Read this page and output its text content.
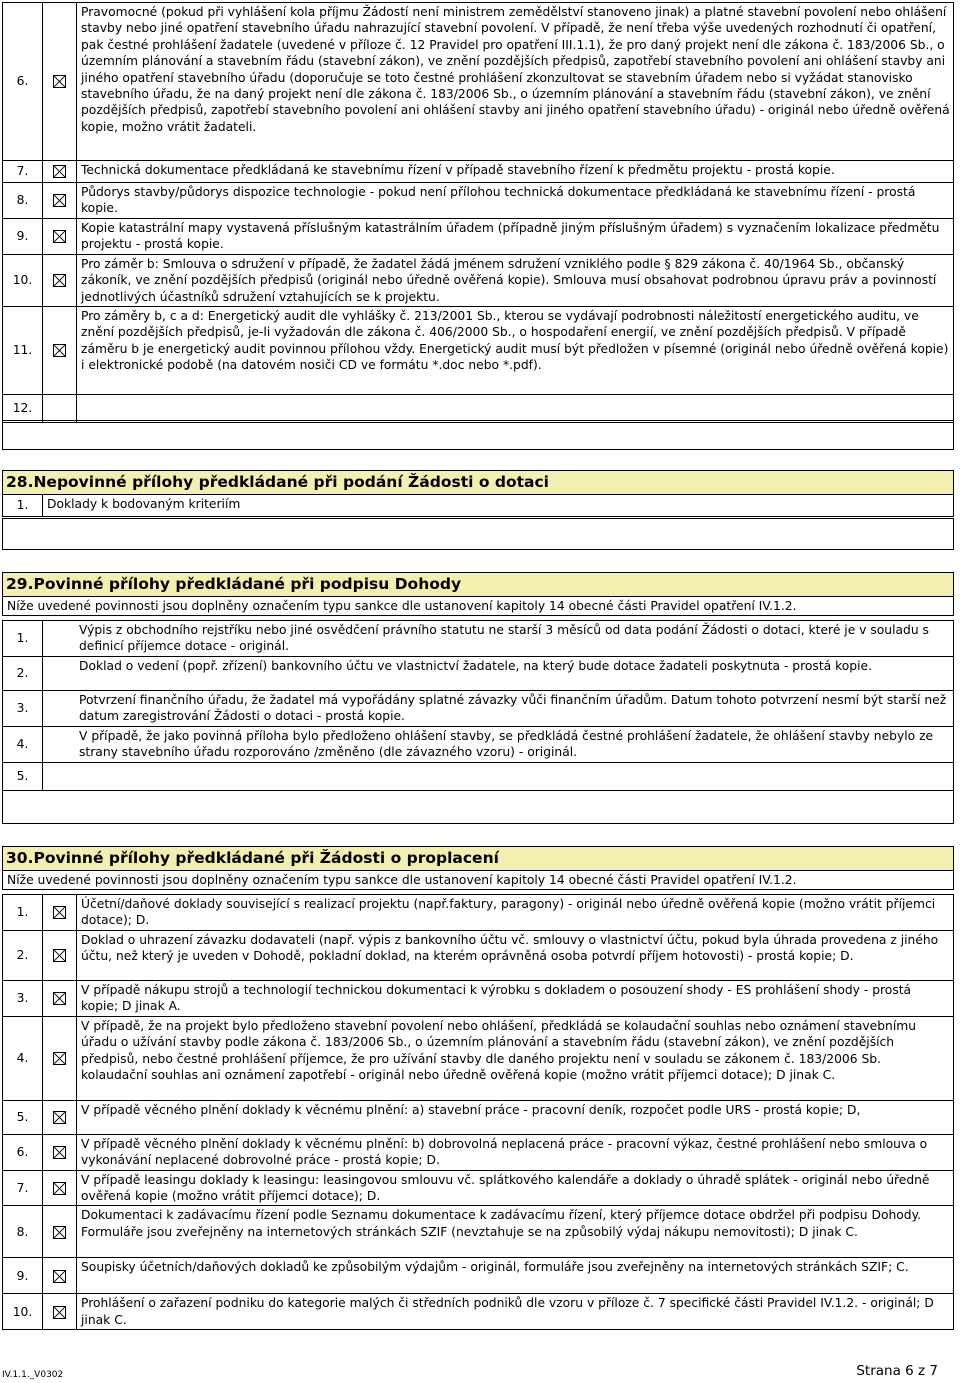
6.		Pravomocné (pokud při vyhlášení kola příjmu Žádostí není ministrem zemědělství stanoveno jinak) a platné stavební povolení nebo ohlášení stavby nebo jiné opatření stavebního úřadu nahrazující stavební povolení. V případě, že není třeba výše uvedených rozhodnutí či opatření, pak čestné prohlášení žadatele (uvedené v příloze č. 12 Pravidel pro opatření III.1.1), že pro daný projekt není dle zákona č. 183/2006 Sb., o územním plánování a stavebním řádu (stavební zákon), ve znění pozdějších předpisů, zapotřebí stavebního povolení ani ohlášení stavby ani jiného opatření stavebního úřadu (doporučuje se toto čestné prohlášení zkonzultovat se stavebním úřadem nebo si vyžádat stanovisko stavebního úřadu, že na daný projekt není dle zákona č. 183/2006 Sb., o územním plánování a stavebním řádu (stavební zákon), ve znění pozdějších předpisů, zapotřebí stavebního povolení ani ohlášení stavby ani jiného opatření stavebního úřadu) - originál nebo úředně ověřená kopie, možno vrátit žadateli.
7.		Technická dokumentace předkládaná ke stavebnímu řízení v případě stavebního řízení k předmětu projektu - prostá kopie.
8.		Půdorys stavby/půdorys dispozice technologie - pokud není přílohou technická dokumentace předkládaná ke stavebnímu řízení - prostá kopie.
9.		Kopie katastrální mapy vystavená příslušným katastrálním úřadem (případně jiným příslušným úřadem) s vyznačením lokalizace předmětu projektu - prostá kopie.
10.		Pro záměr b: Smlouva o sdružení v případě, že žadatel žádá jménem sdružení vzniklého podle § 829 zákona č. 40/1964 Sb., občanský zákoník, ve znění pozdějších předpisů (originál nebo úředně ověřená kopie). Smlouva musí obsahovat podrobnou úpravu práv a povinností jednotlivých účastníků sdružení vztahujících se k projektu.
11.		Pro záměry b, c a d: Energetický audit dle vyhlášky č. 213/2001 Sb., kterou se vydávají podrobnosti náležitostí energetického auditu, ve znění pozdějších předpisů, je-li vyžadován dle zákona č. 406/2000 Sb., o hospodaření energií, ve znění pozdějších předpisů. V případě záměru b je energetický audit povinnou přílohou vždy. Energetický audit musí být předložen v písemné (originál nebo úředně ověřená kopie) i elektronické podobě (na datovém nosiči CD ve formátu *.doc nebo *.pdf).
12.		
28.Nepovinné přílohy předkládané při podání Žádosti o dotaci
1.	Doklady k bodovaným kriteriím
29.Povinné přílohy předkládané při podpisu Dohody
Níže uvedené povinnosti jsou doplněny označením typu sankce dle ustanovení kapitoly 14 obecné části Pravidel opatření IV.1.2.
1.	Výpis z obchodního rejstříku nebo jiné osvědčení právního statutu ne starší 3 měsíců od data podání Žádosti o dotaci, které je v souladu s definicí příjemce dotace - originál.
2.	Doklad o vedení (popř. zřízení) bankovního účtu ve vlastnictví žadatele, na který bude dotace žadateli poskytnuta - prostá kopie.
3.	Potvrzení finančního úřadu, že žadatel má vypořádány splatné závazky vůči finančním úřadům. Datum tohoto potvrzení nesmí být starší než datum zaregistrování Žádosti o dotaci - prostá kopie.
4.	V případě, že jako povinná příloha bylo předloženo ohlášení stavby, se předkládá čestné prohlášení žadatele, že ohlášení stavby nebylo ze strany stavebního úřadu rozporováno /změněno (dle závazného vzoru) - originál.
5.	
30.Povinné přílohy předkládané při Žádosti o proplacení
Níže uvedené povinnosti jsou doplněny označením typu sankce dle ustanovení kapitoly 14 obecné části Pravidel opatření IV.1.2.
1.		Účetní/daňové doklady související s realizací projektu (např.faktury, paragony) - originál nebo úředně ověřená kopie (možno vrátit příjemci dotace); D.
2.		Doklad o uhrazení závazku dodavateli (např. výpis z bankovního účtu vč. smlouvy o vlastnictví účtu, pokud byla úhrada provedena z jiného účtu, než který je uveden v Dohodě, pokladní doklad, na kterém oprávněná osoba potvrdí příjem hotovosti) - prostá kopie; D.
3.		V případě nákupu strojů a technologií technickou dokumentaci k výrobku s dokladem o posouzení shody - ES prohlášení shody - prostá kopie; D jinak A.
4.		V případě, že na projekt bylo předloženo stavební povolení nebo ohlášení, předkládá se kolaudační souhlas nebo oznámení stavebnímu úřadu o užívání stavby podle zákona č. 183/2006 Sb., o územním plánování a stavebním řádu (stavební zákon), ve znění pozdějších předpisů, nebo čestné prohlášení příjemce, že pro užívání stavby dle daného projektu není v souladu se zákonem č. 183/2006 Sb. kolaudační souhlas ani oznámení zapotřebí - originál nebo úředně ověřená kopie (možno vrátit příjemci dotace); D jinak C.
5.		V případě věcného plnění doklady k věcnému plnění: a) stavební práce - pracovní deník, rozpočet podle URS - prostá kopie; D,
6.		V případě věcného plnění doklady k věcnému plnění: b) dobrovolná neplacená práce - pracovní výkaz, čestné prohlášení nebo smlouva o vykonávání neplacené dobrovolné práce - prostá kopie; D.
7.		V případě leasingu doklady k leasingu: leasingovou smlouvu vč. splátkového kalendáře a doklady o úhradě splátek - originál nebo úředně ověřená kopie (možno vrátit příjemci dotace); D.
8.		Dokumentaci k zadávacímu řízení podle Seznamu dokumentace k zadávacímu řízení, který příjemce dotace obdržel při podpisu Dohody. Formuláře jsou zveřejněny na internetových stránkách SZIF (nevztahuje se na způsobilý výdaj nákupu nemovitosti); D jinak C.
9.		Soupisky účetních/daňových dokladů ke způsobilým výdajům - originál, formuláře jsou zveřejněny na internetových stránkách SZIF; C.
10.		Prohlášení o zařazení podniku do kategorie malých či středních podniků dle vzoru v příloze č. 7 specifické části Pravidel IV.1.2. - originál; D jinak C.
IV.1.1._V0302	Strana 6 z 7
